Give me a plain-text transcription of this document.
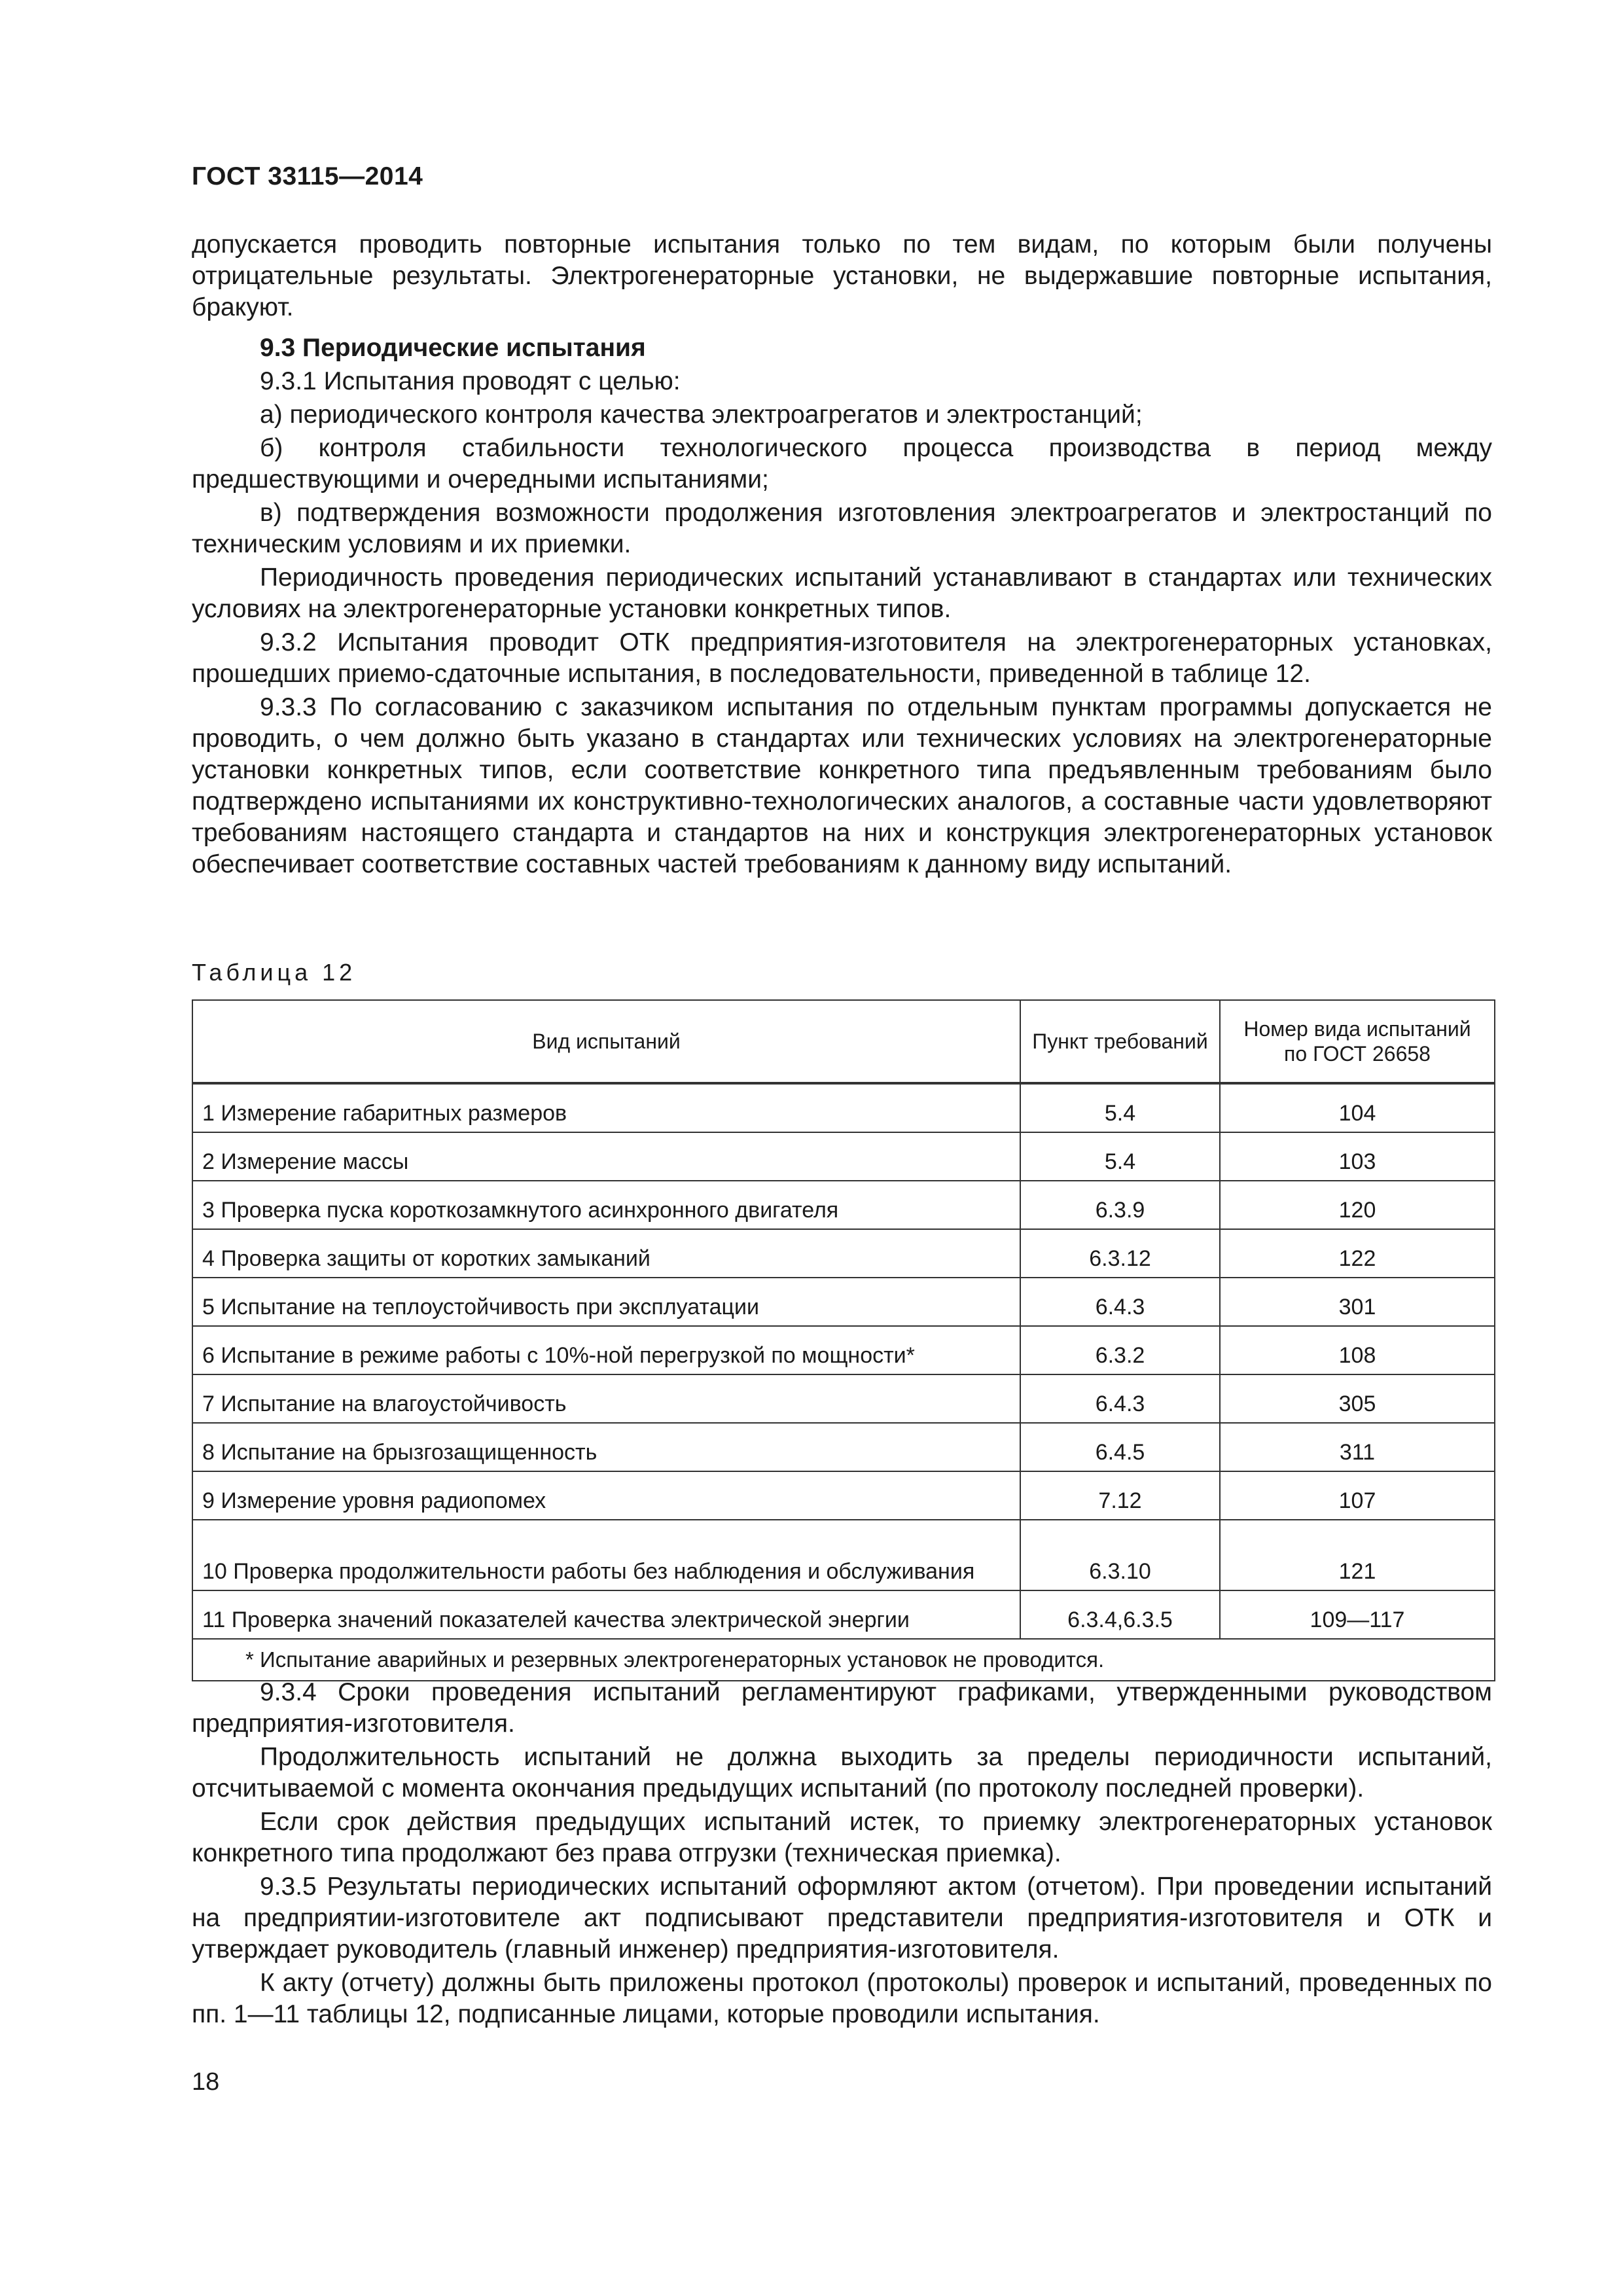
ГОСТ 33115—2014

допускается проводить повторные испытания только по тем видам, по которым были получены отрицательные результаты. Электрогенераторные установки, не выдержавшие повторные испытания, бракуют.

9.3 Периодические испытания

9.3.1 Испытания проводят с целью:

а) периодического контроля качества электроагрегатов и электростанций;

б) контроля стабильности технологического процесса производства в период между предшествующими и очередными испытаниями;

в) подтверждения возможности продолжения изготовления электроагрегатов и электростанций по техническим условиям и их приемки.

Периодичность проведения периодических испытаний устанавливают в стандартах или технических условиях на электрогенераторные установки конкретных типов.

9.3.2 Испытания проводит ОТК предприятия-изготовителя на электрогенераторных установках, прошедших приемо-сдаточные испытания, в последовательности, приведенной в таблице 12.

9.3.3 По согласованию с заказчиком испытания по отдельным пунктам программы допускается не проводить, о чем должно быть указано в стандартах или технических условиях на электрогенераторные установки конкретных типов, если соответствие конкретного типа предъявленным требованиям было подтверждено испытаниями их конструктивно-технологических аналогов, а составные части удовлетворяют требованиям настоящего стандарта и стандартов на них и конструкция электрогенераторных установок обеспечивает соответствие составных частей требованиям к данному виду испытаний.

Таблица 12
Вид испытаний	Пункт требований	Номер вида испытаний по ГОСТ 26658
1 Измерение габаритных размеров	5.4	104
2 Измерение массы	5.4	103
3 Проверка пуска короткозамкнутого асинхронного двигателя	6.3.9	120
4 Проверка защиты от коротких замыканий	6.3.12	122
5 Испытание на теплоустойчивость при эксплуатации	6.4.3	301
6 Испытание в режиме работы с 10%-ной перегрузкой по мощности*	6.3.2	108
7 Испытание на влагоустойчивость	6.4.3	305
8 Испытание на брызгозащищенность	6.4.5	311
9 Измерение уровня радиопомех	7.12	107
10 Проверка продолжительности работы без наблюдения и обслуживания	6.3.10	121
11 Проверка значений показателей качества электрической энергии	6.3.4,6.3.5	109—117
* Испытание аварийных и резервных электрогенераторных установок не проводится.		

9.3.4 Сроки проведения испытаний регламентируют графиками, утвержденными руководством предприятия-изготовителя.

Продолжительность испытаний не должна выходить за пределы периодичности испытаний, отсчитываемой с момента окончания предыдущих испытаний (по протоколу последней проверки).

Если срок действия предыдущих испытаний истек, то приемку электрогенераторных установок конкретного типа продолжают без права отгрузки (техническая приемка).

9.3.5 Результаты периодических испытаний оформляют актом (отчетом). При проведении испытаний на предприятии-изготовителе акт подписывают представители предприятия-изготовителя и ОТК и утверждает руководитель (главный инженер) предприятия-изготовителя.

К акту (отчету) должны быть приложены протокол (протоколы) проверок и испытаний, проведенных по пп. 1—11 таблицы 12, подписанные лицами, которые проводили испытания.

18
